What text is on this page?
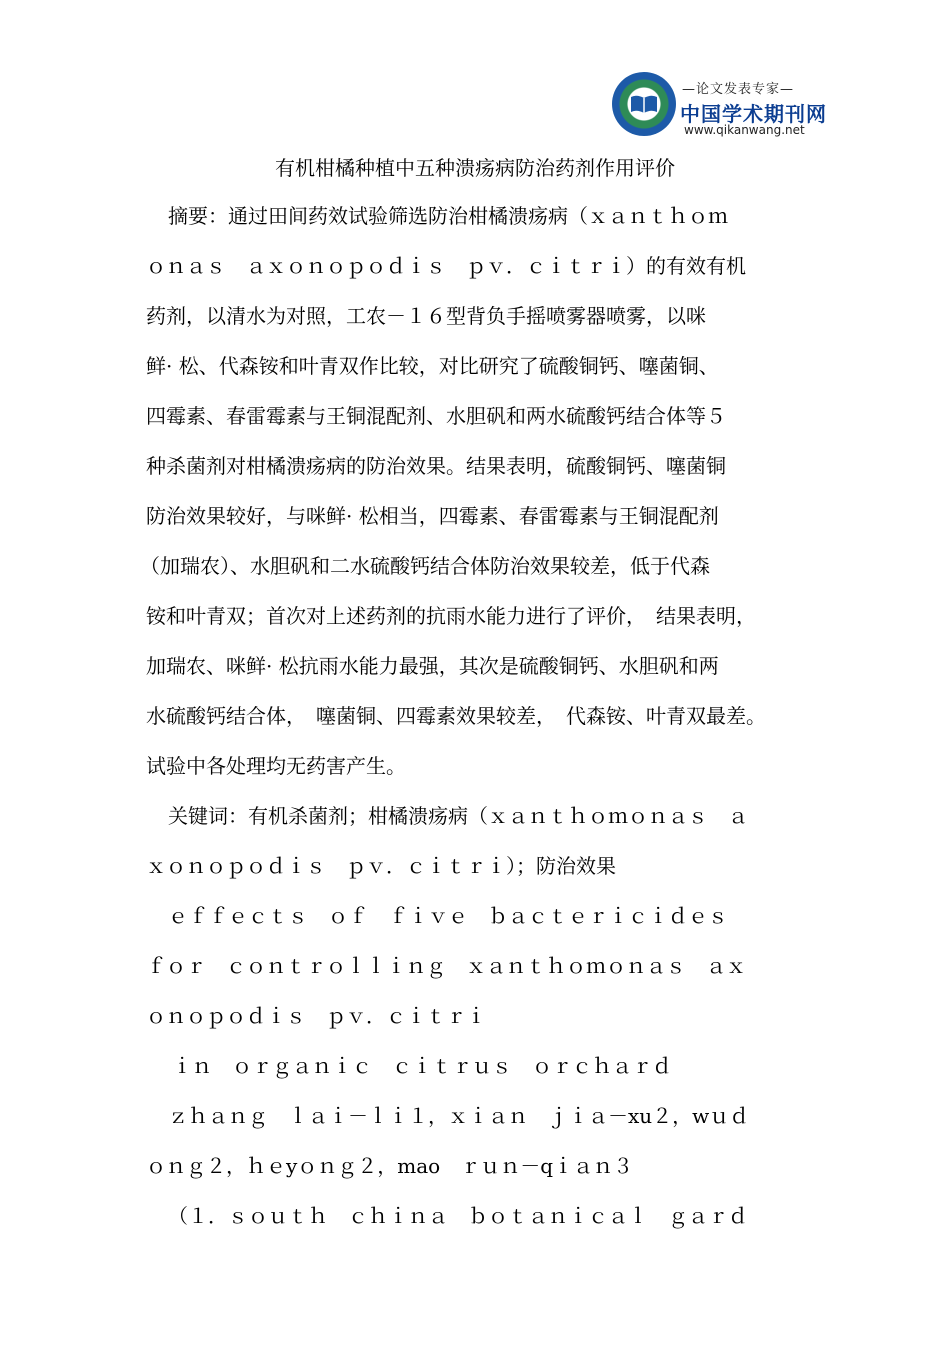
—论文发表专家—
中国学术期刊网
www.qikanwang.net
有机柑橘种植中五种溃疡病防治药剂作用评价
摘要：通过田间药效试验筛选防治柑橘溃疡病（ｘａｎｔｈｏｍ
ｏｎａｓ　ａｘｏｎｏｐｏｄｉｓ　ｐｖ．ｃｉｔｒｉ）的有效有机
药剂，以清水为对照，工农－１６型背负手摇喷雾器喷雾，以咪
鲜· 松、代森铵和叶青双作比较，对比研究了硫酸铜钙、噻菌铜、
四霉素、春雷霉素与王铜混配剂、水胆矾和两水硫酸钙结合体等５
种杀菌剂对柑橘溃疡病的防治效果。结果表明，硫酸铜钙、噻菌铜
防治效果较好，与咪鲜· 松相当，四霉素、春雷霉素与王铜混配剂
（加瑞农）、水胆矾和二水硫酸钙结合体防治效果较差，低于代森
铵和叶青双；首次对上述药剂的抗雨水能力进行了评价，　结果表明，
加瑞农、咪鲜· 松抗雨水能力最强，其次是硫酸铜钙、水胆矾和两
水硫酸钙结合体，　噻菌铜、四霉素效果较差，　代森铵、叶青双最差。
试验中各处理均无药害产生。
关键词：有机杀菌剂；柑橘溃疡病（ｘａｎｔｈｏｍｏｎａｓ　ａ
ｘｏｎｏｐｏｄｉｓ　ｐｖ．ｃｉｔｒｉ）；防治效果
ｅｆｆｅｃｔｓ　ｏｆ　ｆｉｖｅ　ｂａｃｔｅｒｉｃｉｄｅｓ
ｆｏｒ　ｃｏｎｔｒｏｌｌｉｎｇ　ｘａｎｔｈｏｍｏｎａｓ　ａｘ
ｏｎｏｐｏｄｉｓ　ｐｖ．ｃｉｔｒｉ
ｉｎ　ｏｒｇａｎｉｃ　ｃｉｔｒｕｓ　ｏｒｃｈａｒｄ
ｚｈａｎｇ　ｌａｉ－ｌｉ１，ｘｉａｎ　ｊｉａ－xu２，wｕｄ
ｏｎｇ２，ｈｅyｏｎｇ２，mao　ｒｕｎ－qｉａｎ３
（１．ｓｏｕｔｈ　ｃｈｉｎａ　ｂｏｔａｎｉｃａｌ　ｇａｒｄ
